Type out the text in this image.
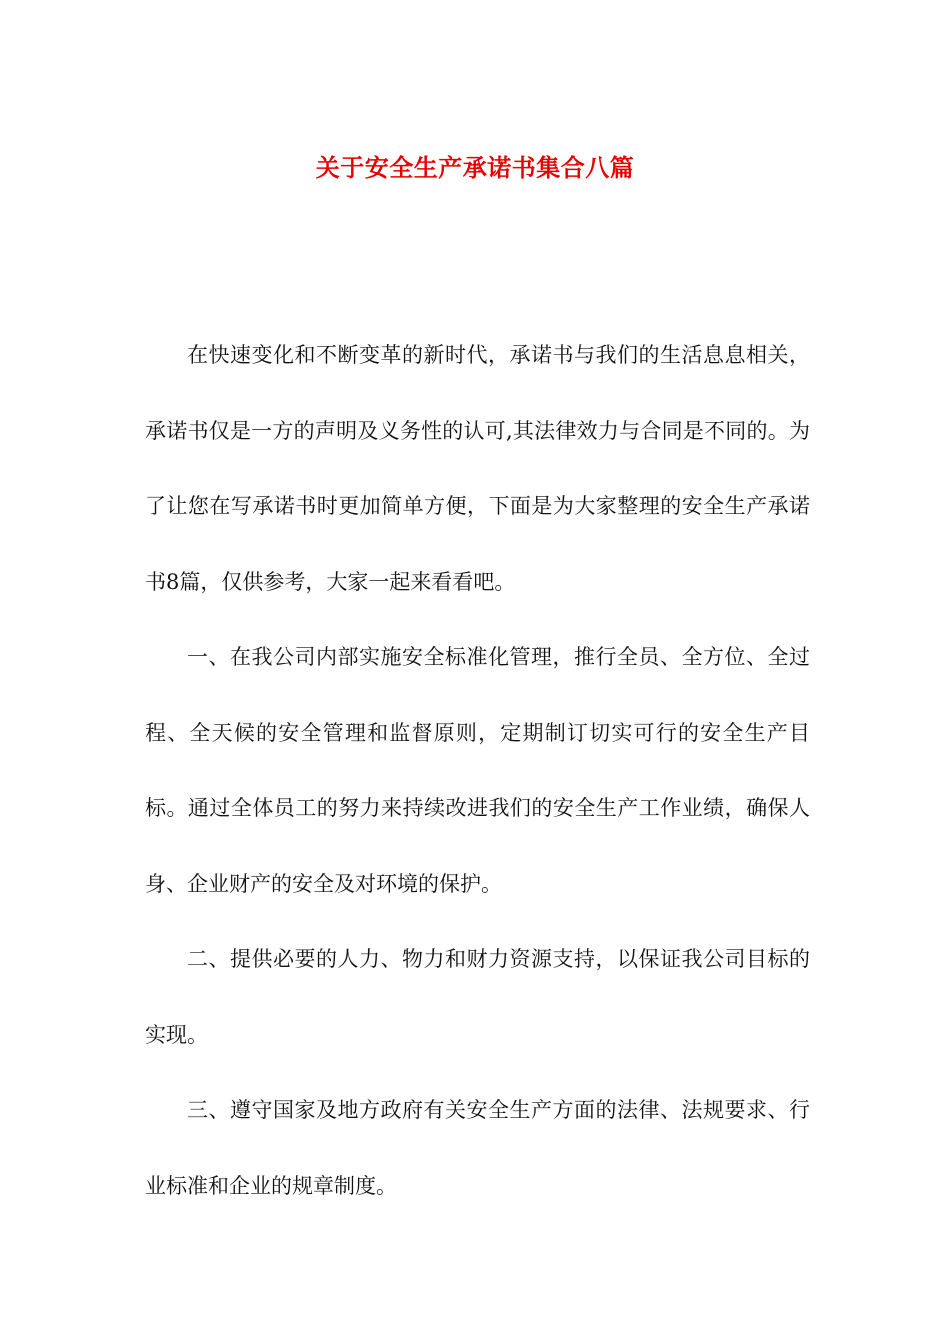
关于安全生产承诺书集合八篇

在快速变化和不断变革的新时代，承诺书与我们的生活息息相关，承诺书仅是一方的声明及义务性的认可,其法律效力与合同是不同的。为了让您在写承诺书时更加简单方便，下面是为大家整理的安全生产承诺书8篇，仅供参考，大家一起来看看吧。

一、在我公司内部实施安全标准化管理，推行全员、全方位、全过程、全天候的安全管理和监督原则，定期制订切实可行的安全生产目标。通过全体员工的努力来持续改进我们的安全生产工作业绩，确保人身、企业财产的安全及对环境的保护。

二、提供必要的人力、物力和财力资源支持，以保证我公司目标的实现。

三、遵守国家及地方政府有关安全生产方面的法律、法规要求、行业标准和企业的规章制度。
